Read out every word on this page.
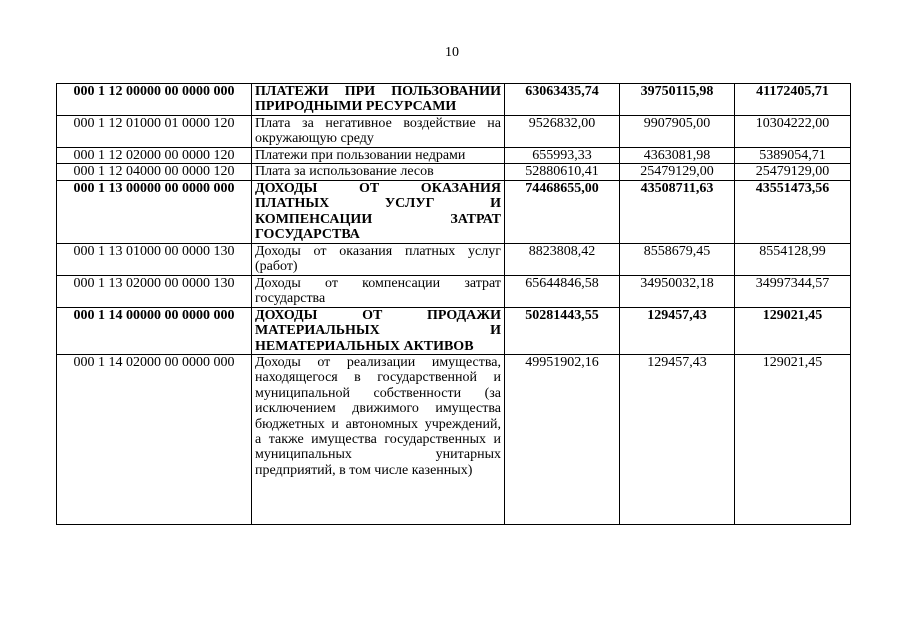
10
000 1 12 00000 00 0000 000	ПЛАТЕЖИ ПРИ ПОЛЬЗОВАНИИ ПРИРОДНЫМИ РЕСУРСАМИ	63063435,74	39750115,98	41172405,71
000 1 12 01000 01 0000 120	Плата за негативное воздействие на окружающую среду	9526832,00	9907905,00	10304222,00
000 1 12 02000 00 0000 120	Платежи при пользовании недрами	655993,33	4363081,98	5389054,71
000 1 12 04000 00 0000 120	Плата за использование лесов	52880610,41	25479129,00	25479129,00
000 1 13 00000 00 0000 000	ДОХОДЫ ОТ ОКАЗАНИЯ ПЛАТНЫХ УСЛУГ И КОМПЕНСАЦИИ ЗАТРАТ ГОСУДАРСТВА	74468655,00	43508711,63	43551473,56
000 1 13 01000 00 0000 130	Доходы от оказания платных услуг (работ)	8823808,42	8558679,45	8554128,99
000 1 13 02000 00 0000 130	Доходы от компенсации затрат государства	65644846,58	34950032,18	34997344,57
000 1 14 00000 00 0000 000	ДОХОДЫ ОТ ПРОДАЖИ МАТЕРИАЛЬНЫХ И НЕМАТЕРИАЛЬНЫХ АКТИВОВ	50281443,55	129457,43	129021,45
000 1 14 02000 00 0000 000	Доходы от реализации имущества, находящегося в государственной и муниципальной собственности (за исключением движимого имущества бюджетных и автономных учреждений, а также имущества государственных и муниципальных унитарных предприятий, в том числе казенных)	49951902,16	129457,43	129021,45
